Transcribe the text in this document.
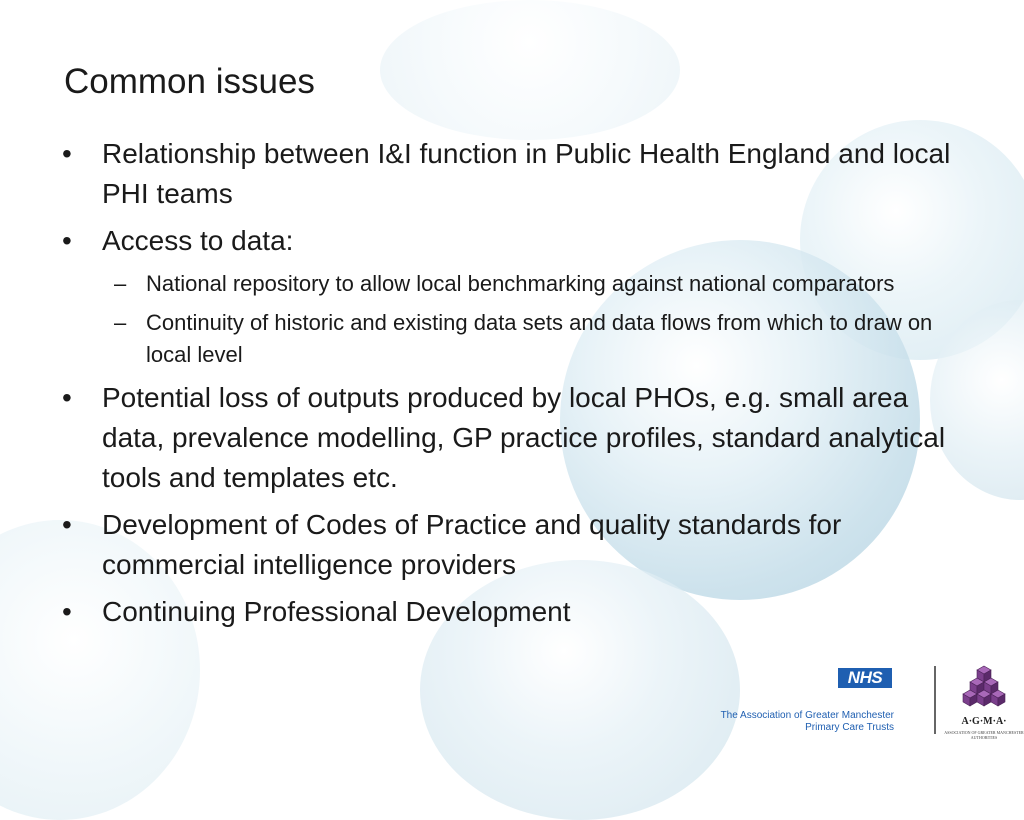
Common issues
•	Relationship between I&I function in Public Health England and local PHI teams
•	Access to data:
– National repository to allow local benchmarking against national comparators
– Continuity of historic and existing data sets and data flows from which to draw on local level
•	Potential loss of outputs produced by local PHOs, e.g. small area data, prevalence modelling, GP practice profiles, standard analytical tools and templates etc.
•	Development of Codes of Practice and quality standards for commercial intelligence providers
•	Continuing Professional Development
NHS
The Association of Greater Manchester
Primary Care Trusts
A·G·M·A·
ASSOCIATION OF GREATER MANCHESTER AUTHORITIES
